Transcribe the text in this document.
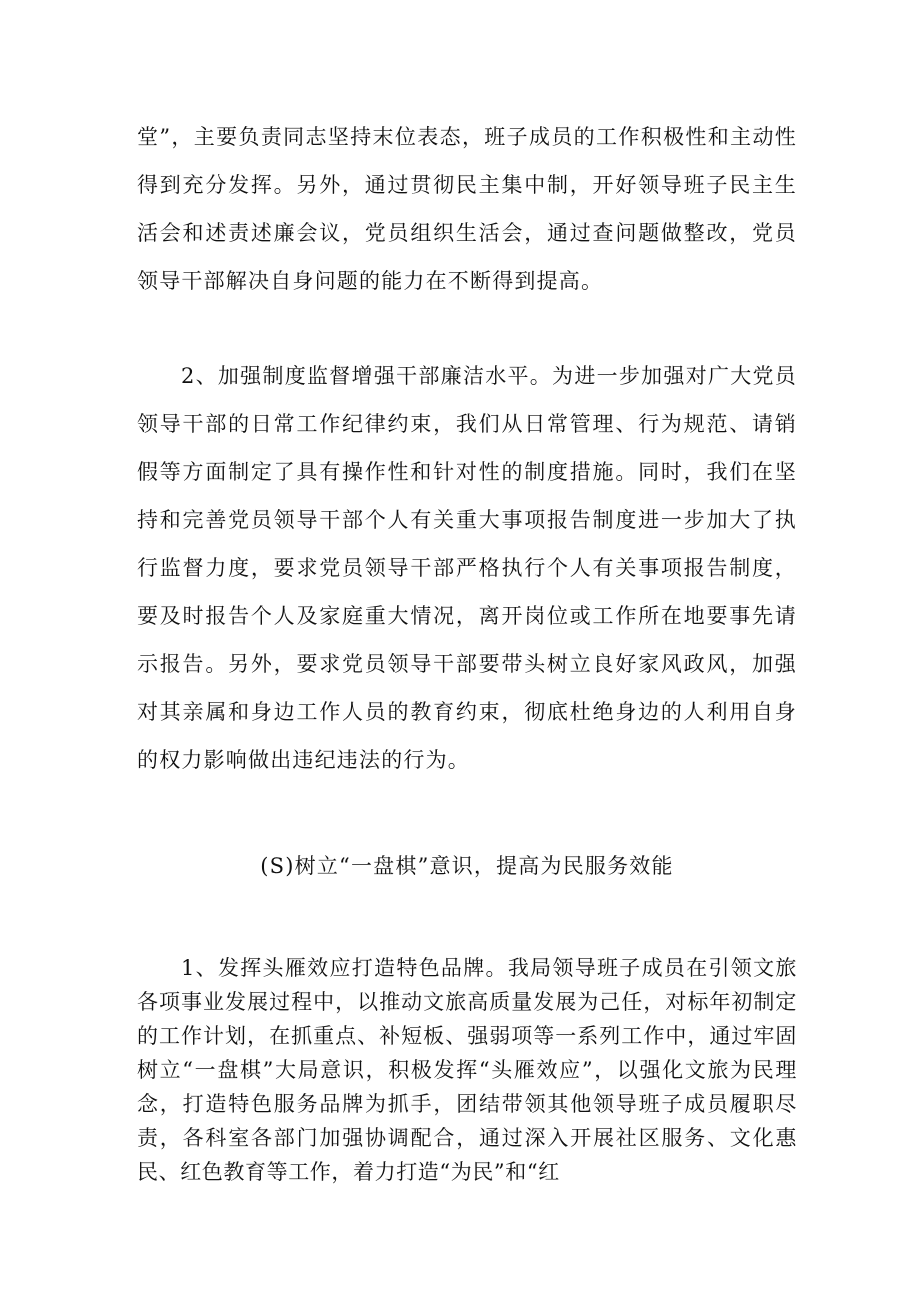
堂”，主要负责同志坚持末位表态，班子成员的工作积极性和主动性得到充分发挥。另外，通过贯彻民主集中制，开好领导班子民主生活会和述责述廉会议，党员组织生活会，通过查问题做整改，党员领导干部解决自身问题的能力在不断得到提高。

2、加强制度监督增强干部廉洁水平。为进一步加强对广大党员领导干部的日常工作纪律约束，我们从日常管理、行为规范、请销假等方面制定了具有操作性和针对性的制度措施。同时，我们在坚持和完善党员领导干部个人有关重大事项报告制度进一步加大了执行监督力度，要求党员领导干部严格执行个人有关事项报告制度，要及时报告个人及家庭重大情况，离开岗位或工作所在地要事先请示报告。另外，要求党员领导干部要带头树立良好家风政风，加强对其亲属和身边工作人员的教育约束，彻底杜绝身边的人利用自身的权力影响做出违纪违法的行为。

(S)树立“一盘棋”意识，提高为民服务效能

1、发挥头雁效应打造特色品牌。我局领导班子成员在引领文旅各项事业发展过程中，以推动文旅高质量发展为己任，对标年初制定的工作计划，在抓重点、补短板、强弱项等一系列工作中，通过牢固树立“一盘棋”大局意识，积极发挥“头雁效应”，以强化文旅为民理念，打造特色服务品牌为抓手，团结带领其他领导班子成员履职尽责，各科室各部门加强协调配合，通过深入开展社区服务、文化惠民、红色教育等工作，着力打造“为民”和“红
